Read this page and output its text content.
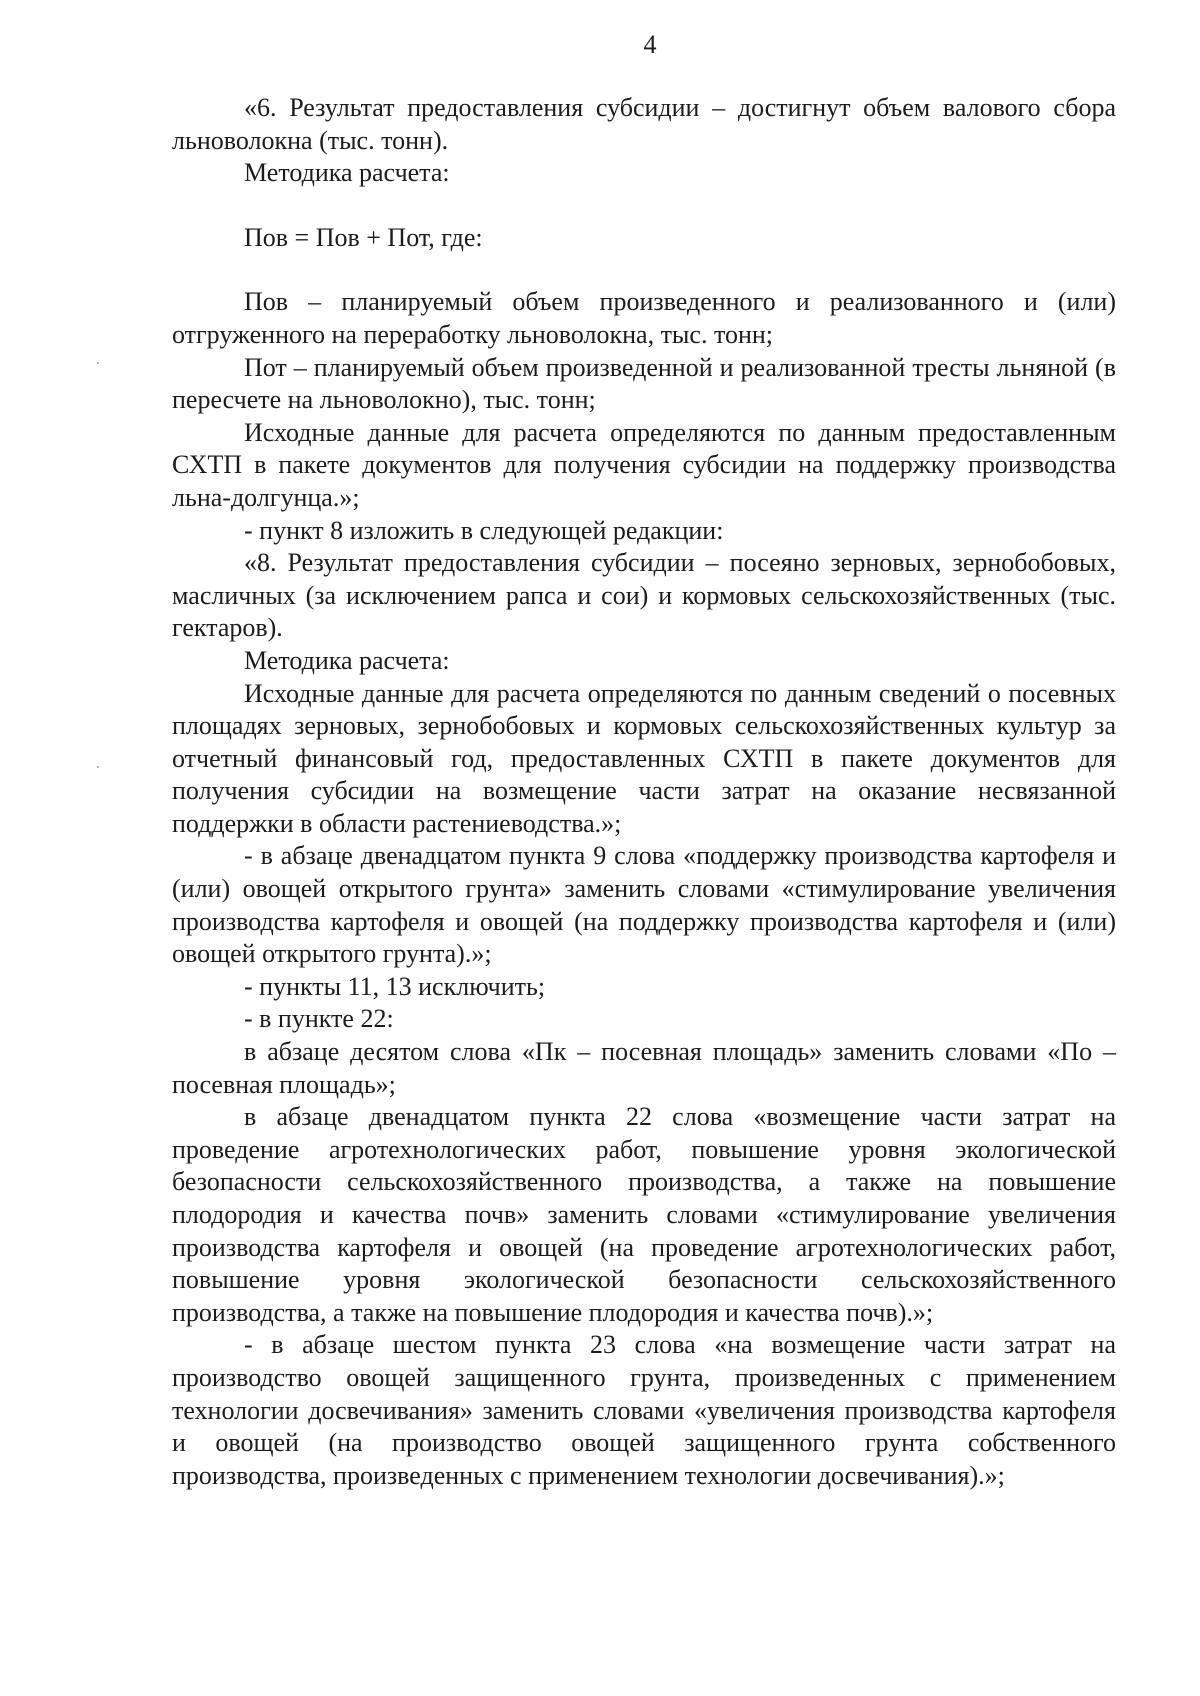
4

«6. Результат предоставления субсидии – достигнут объем валового сбора льноволокна (тыс. тонн).

Методика расчета:

Пов = Пов + Пот, где:

Пов – планируемый объем произведенного и реализованного и (или) отгруженного на переработку льноволокна, тыс. тонн;

Пот – планируемый объем произведенной и реализованной тресты льняной (в пересчете на льноволокно), тыс. тонн;

Исходные данные для расчета определяются по данным предоставленным СХТП в пакете документов для получения субсидии на поддержку производства льна-долгунца.»;

- пункт 8 изложить в следующей редакции:

«8. Результат предоставления субсидии – посеяно зерновых, зернобобовых, масличных (за исключением рапса и сои) и кормовых сельскохозяйственных (тыс. гектаров).

Методика расчета:

Исходные данные для расчета определяются по данным сведений о посевных площадях зерновых, зернобобовых и кормовых сельскохозяйственных культур за отчетный финансовый год, предоставленных СХТП в пакете документов для получения субсидии на возмещение части затрат на оказание несвязанной поддержки в области растениеводства.»;

- в абзаце двенадцатом пункта 9 слова «поддержку производства картофеля и (или) овощей открытого грунта» заменить словами «стимулирование увеличения производства картофеля и овощей (на поддержку производства картофеля и (или) овощей открытого грунта).»;

- пункты 11, 13 исключить;

- в пункте 22:

в абзаце десятом слова «Пк – посевная площадь» заменить словами «По – посевная площадь»;

в абзаце двенадцатом пункта 22 слова «возмещение части затрат на проведение агротехнологических работ, повышение уровня экологической безопасности сельскохозяйственного производства, а также на повышение плодородия и качества почв» заменить словами «стимулирование увеличения производства картофеля и овощей (на проведение агротехнологических работ, повышение уровня экологической безопасности сельскохозяйственного производства, а также на повышение плодородия и качества почв).»;

- в абзаце шестом пункта 23 слова «на возмещение части затрат на производство овощей защищенного грунта, произведенных с применением технологии досвечивания» заменить словами «увеличения производства картофеля и овощей (на производство овощей защищенного грунта собственного производства, произведенных с применением технологии досвечивания).»;
